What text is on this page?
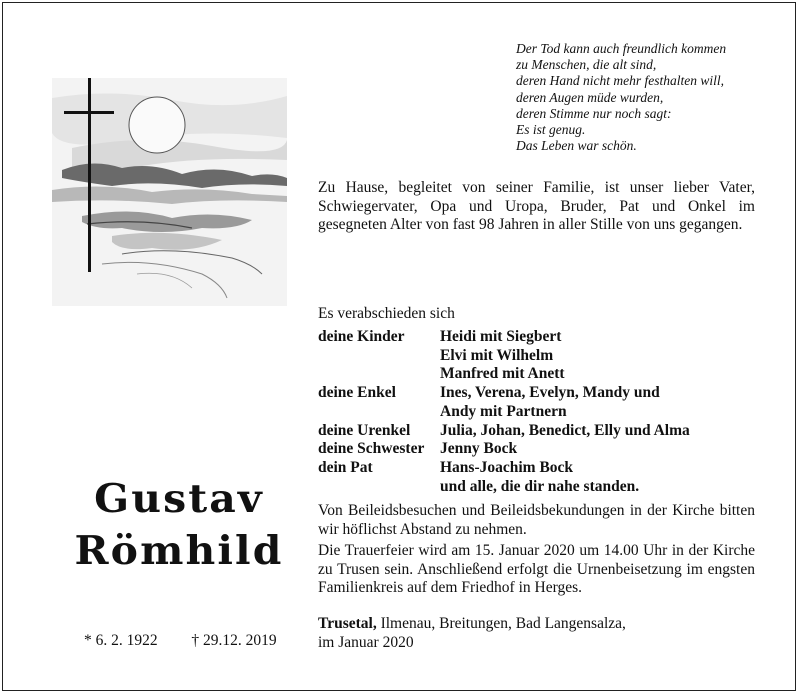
Der Tod kann auch freundlich kommen
zu Menschen, die alt sind,
deren Hand nicht mehr festhalten will,
deren Augen müde wurden,
deren Stimme nur noch sagt:
Es ist genug.
Das Leben war schön.
Zu Hause, begleitet von seiner Familie, ist unser lieber Vater, Schwiegervater, Opa und Uropa, Bruder, Pat und Onkel im gesegneten Alter von fast 98 Jahren in aller Stille von uns gegangen.
Es verabschieden sich
deine Kinder	Heidi mit Siegbert
Elvi mit Wilhelm
Manfred mit Anett
deine Enkel	Ines, Verena, Evelyn, Mandy und
Andy mit Partnern
deine Urenkel	Julia, Johan, Benedict, Elly und Alma
deine Schwester	Jenny Bock
dein Pat	Hans-Joachim Bock
und alle, die dir nahe standen.
Gustav
Römhild
* 6. 2. 1922 † 29.12. 2019
Von Beileidsbesuchen und Beileidsbekundungen in der Kirche bitten wir höflichst Abstand zu nehmen.
Die Trauerfeier wird am 15. Januar 2020 um 14.00 Uhr in der Kirche zu Trusen sein. Anschließend erfolgt die Urnenbeisetzung im engsten Familienkreis auf dem Friedhof in Herges.
Trusetal, Ilmenau, Breitungen, Bad Langensalza,
im Januar 2020
